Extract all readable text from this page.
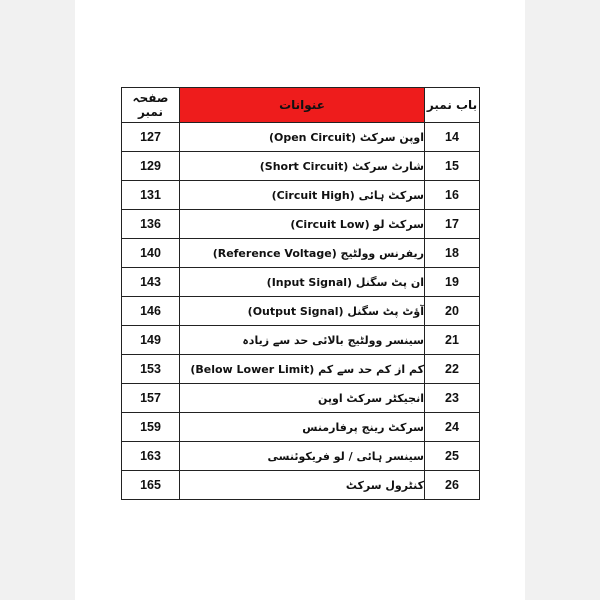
صفحہ نمبر	عنوانات	باب نمبر
127	اوپن سرکٹ (Open Circuit)	14
129	شارٹ سرکٹ (Short Circuit)	15
131	سرکٹ ہائی (Circuit High)	16
136	سرکٹ لو (Circuit Low)	17
140	ریفرنس وولٹیج (Reference Voltage)	18
143	ان پٹ سگنل (Input Signal)	19
146	آؤٹ پٹ سگنل (Output Signal)	20
149	سینسر وولٹیج بالائی حد سے زیادہ	21
153	کم از کم حد سے کم (Below Lower Limit)	22
157	انجیکٹر سرکٹ اوپن	23
159	سرکٹ رینج پرفارمنس	24
163	سینسر ہائی / لو فریکوئنسی	25
165	کنٹرول سرکٹ	26
